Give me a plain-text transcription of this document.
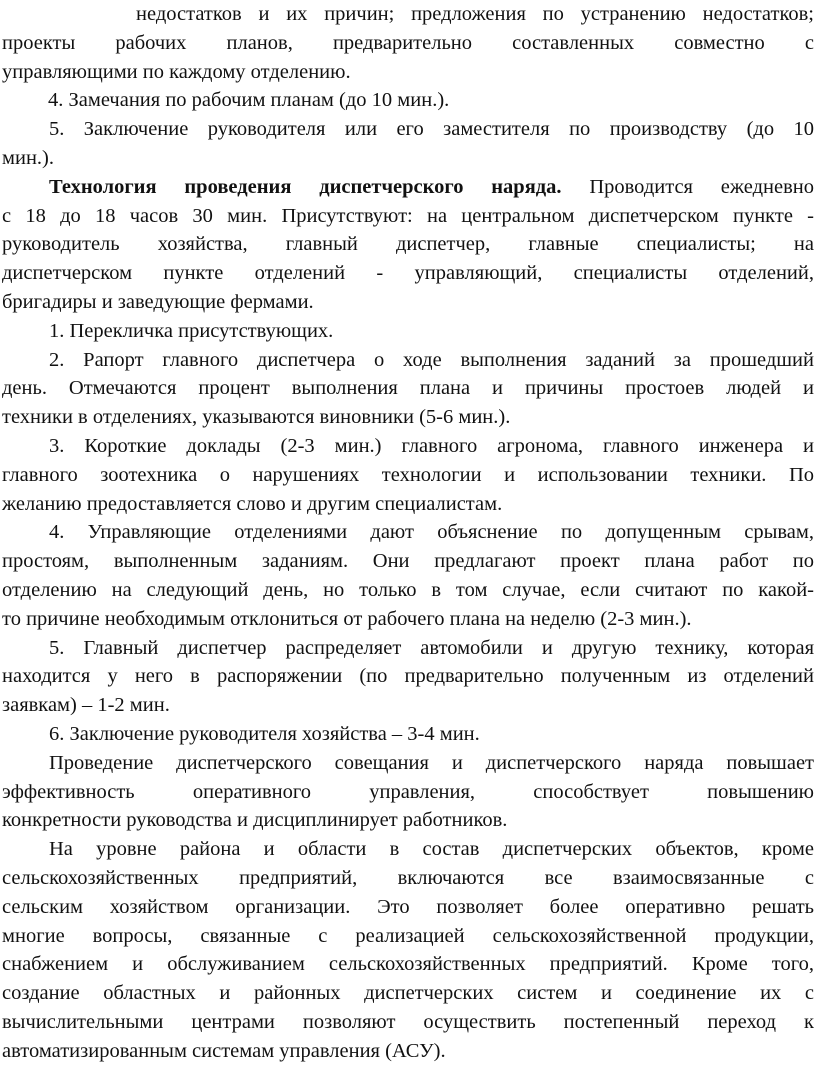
недостатков и их причин; предложения по устранению недостатков;
проекты рабочих планов, предварительно составленных совместно с
управляющими по каждому отделению.
4. Замечания по рабочим планам (до 10 мин.).
5. Заключение руководителя или его заместителя по производству (до 10
мин.).
Технология проведения диспетчерского наряда. Проводится ежедневно
с 18 до 18 часов 30 мин. Присутствуют: на центральном диспетчерском пункте -
руководитель хозяйства, главный диспетчер, главные специалисты; на
диспетчерском пункте отделений - управляющий, специалисты отделений,
бригадиры и заведующие фермами.
1. Перекличка присутствующих.
2. Рапорт главного диспетчера о ходе выполнения заданий за прошедший
день. Отмечаются процент выполнения плана и причины простоев людей и
техники в отделениях, указываются виновники (5-6 мин.).
3. Короткие доклады (2-3 мин.) главного агронома, главного инженера и
главного зоотехника о нарушениях технологии и использовании техники. По
желанию предоставляется слово и другим специалистам.
4. Управляющие отделениями дают объяснение по допущенным срывам,
простоям, выполненным заданиям. Они предлагают проект плана работ по
отделению на следующий день, но только в том случае, если считают по какой-
то причине необходимым отклониться от рабочего плана на неделю (2-3 мин.).
5. Главный диспетчер распределяет автомобили и другую технику, которая
находится у него в распоряжении (по предварительно полученным из отделений
заявкам) – 1-2 мин.
6. Заключение руководителя хозяйства – 3-4 мин.
Проведение диспетчерского совещания и диспетчерского наряда повышает
эффективность оперативного управления, способствует повышению
конкретности руководства и дисциплинирует работников.
На уровне района и области в состав диспетчерских объектов, кроме
сельскохозяйственных предприятий, включаются все взаимосвязанные с
сельским хозяйством организации. Это позволяет более оперативно решать
многие вопросы, связанные с реализацией сельскохозяйственной продукции,
снабжением и обслуживанием сельскохозяйственных предприятий. Кроме того,
создание областных и районных диспетчерских систем и соединение их с
вычислительными центрами позволяют осуществить постепенный переход к
автоматизированным системам управления (АСУ).
